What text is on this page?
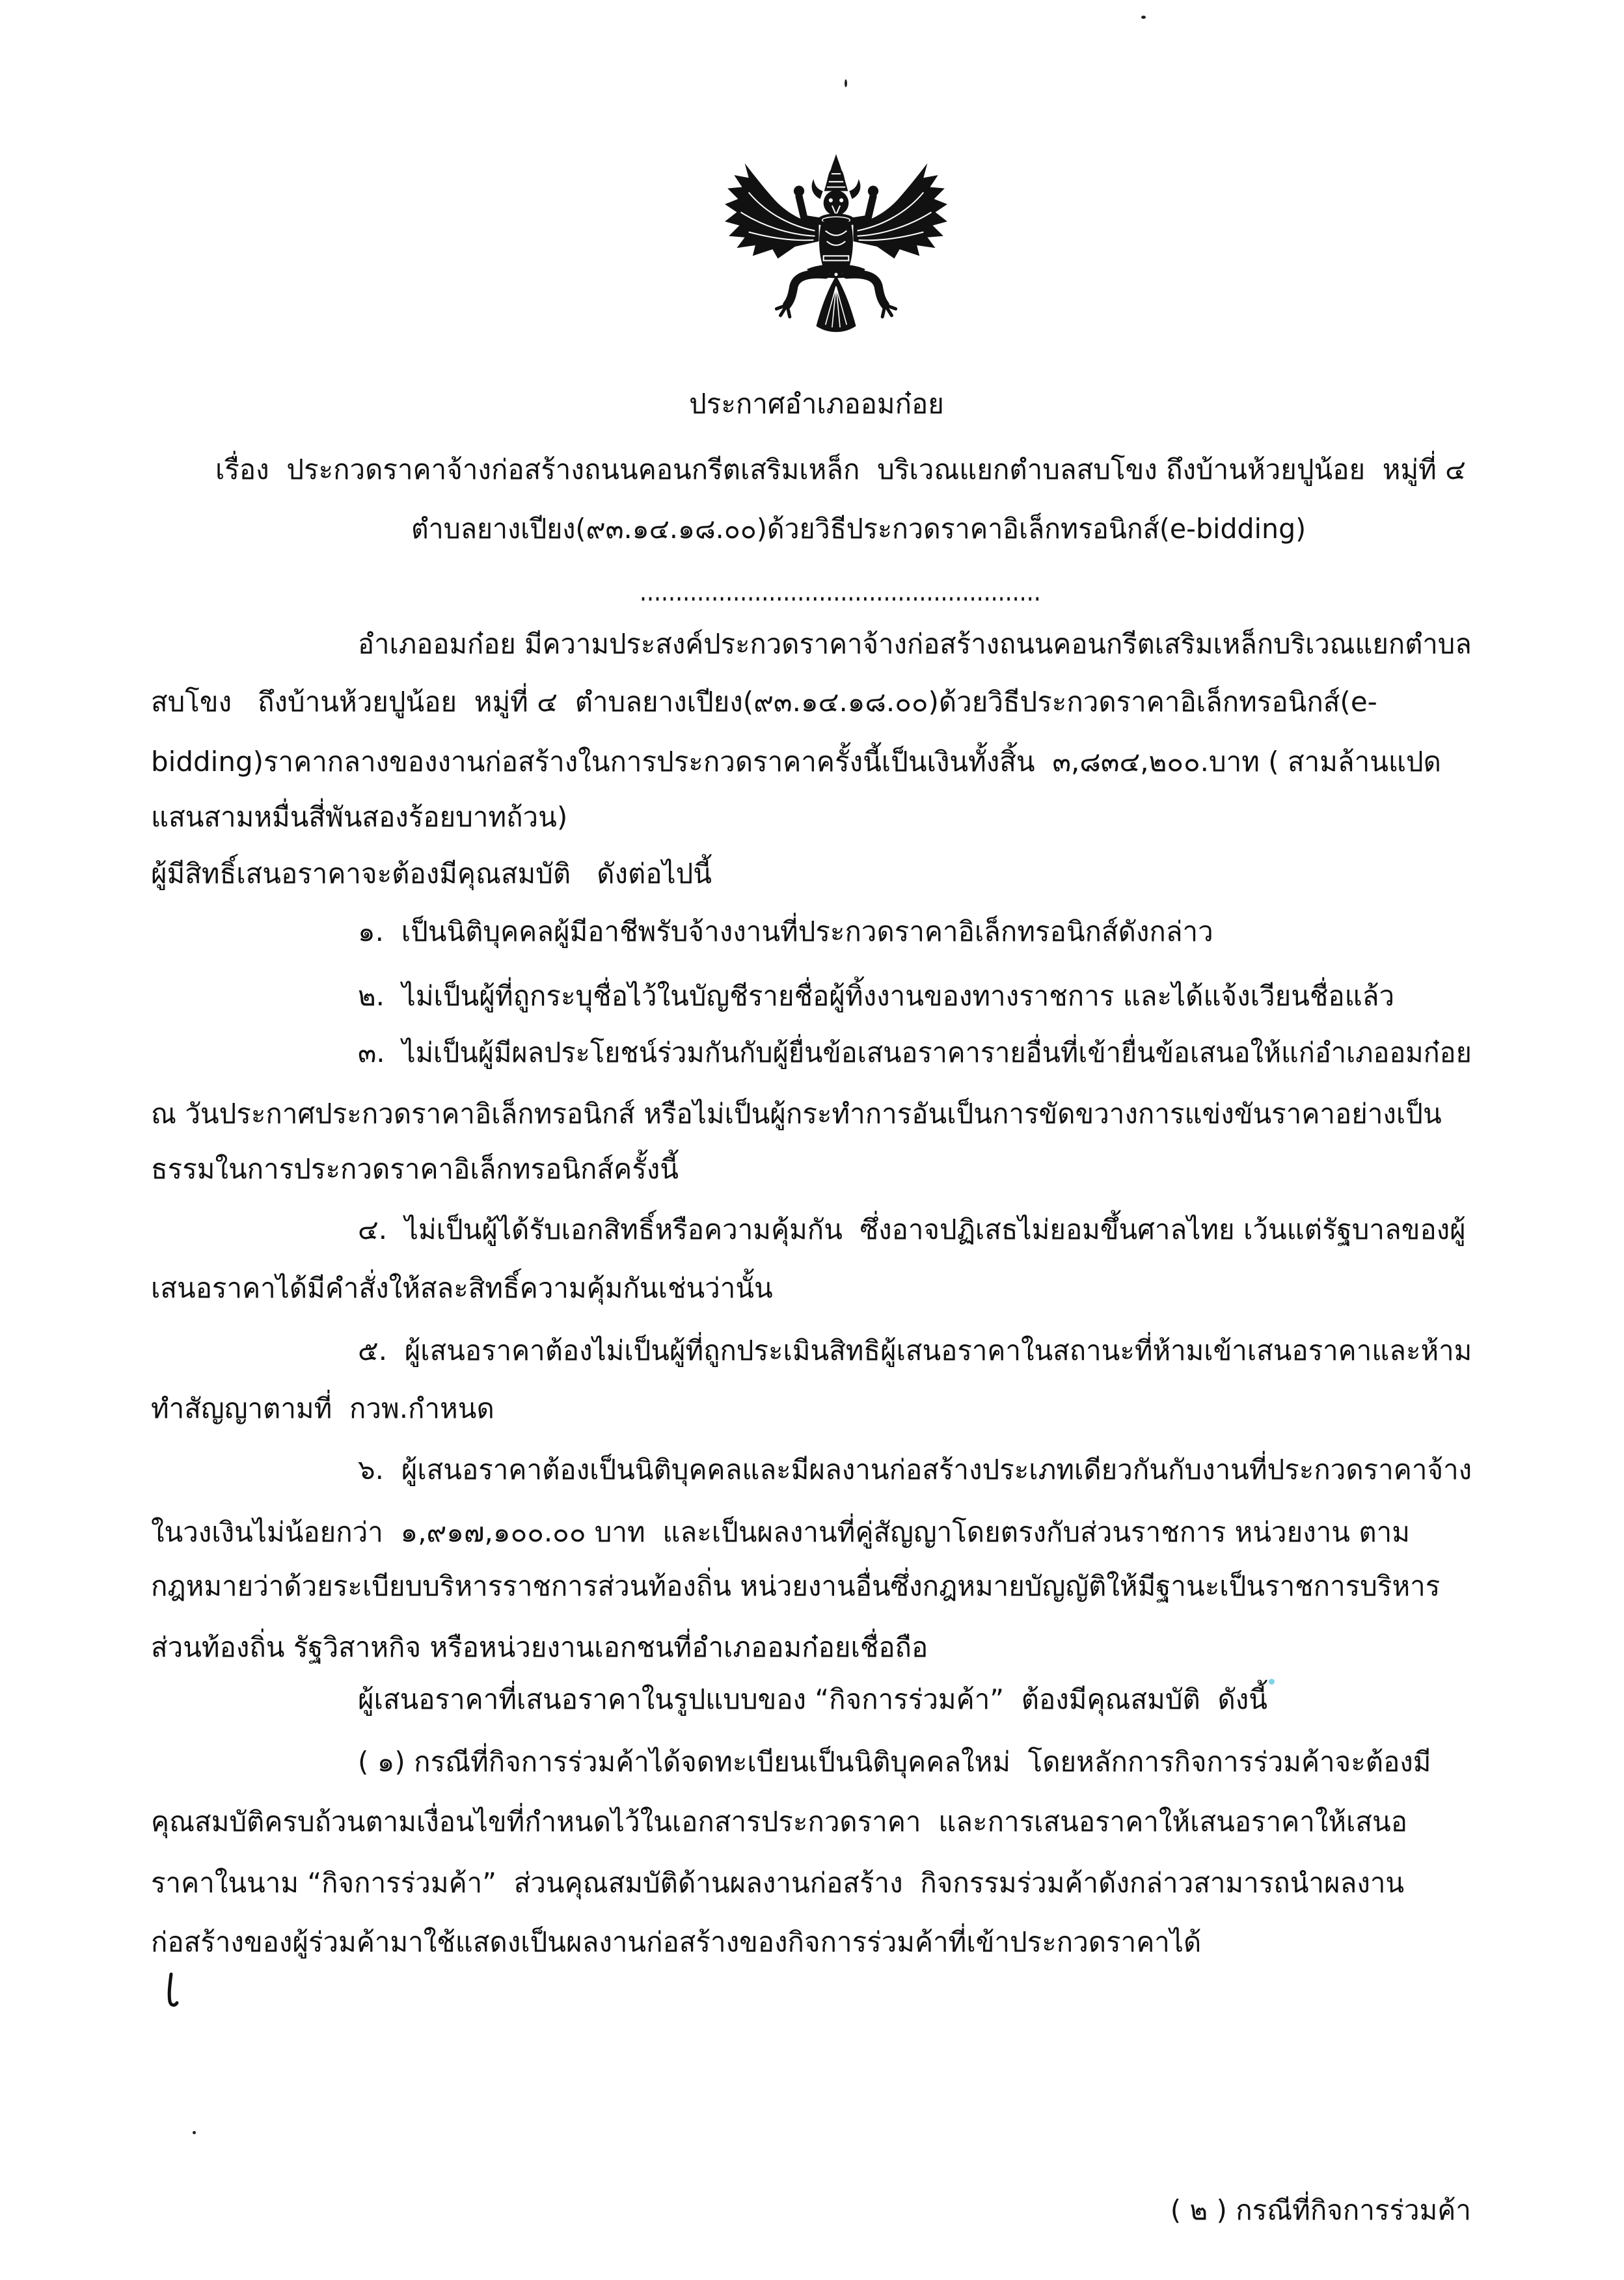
ประกาศอำเภออมก๋อย
เรื่อง  ประกวดราคาจ้างก่อสร้างถนนคอนกรีตเสริมเหล็ก  บริเวณแยกตำบลสบโขง ถึงบ้านห้วยปูน้อย  หมู่ที่ ๔
ตำบลยางเปียง(๙๓.๑๔.๑๘.๐๐)ด้วยวิธีประกวดราคาอิเล็กทรอนิกส์(e-bidding)
........................................................
อำเภออมก๋อย มีความประสงค์ประกวดราคาจ้างก่อสร้างถนนคอนกรีตเสริมเหล็กบริเวณแยกตำบล
สบโขง   ถึงบ้านห้วยปูน้อย  หมู่ที่ ๔  ตำบลยางเปียง(๙๓.๑๔.๑๘.๐๐)ด้วยวิธีประกวดราคาอิเล็กทรอนิกส์(e-
bidding)ราคากลางของงานก่อสร้างในการประกวดราคาครั้งนี้เป็นเงินทั้งสิ้น  ๓,๘๓๔,๒๐๐.บาท ( สามล้านแปด
แสนสามหมื่นสี่พันสองร้อยบาทถ้วน)
ผู้มีสิทธิ์เสนอราคาจะต้องมีคุณสมบัติ   ดังต่อไปนี้
๑.  เป็นนิติบุคคลผู้มีอาชีพรับจ้างงานที่ประกวดราคาอิเล็กทรอนิกส์ดังกล่าว
๒.  ไม่เป็นผู้ที่ถูกระบุชื่อไว้ในบัญชีรายชื่อผู้ทิ้งงานของทางราชการ และได้แจ้งเวียนชื่อแล้ว
๓.  ไม่เป็นผู้มีผลประโยชน์ร่วมกันกับผู้ยื่นข้อเสนอราคารายอื่นที่เข้ายื่นข้อเสนอให้แก่อำเภออมก๋อย
ณ วันประกาศประกวดราคาอิเล็กทรอนิกส์ หรือไม่เป็นผู้กระทำการอันเป็นการขัดขวางการแข่งขันราคาอย่างเป็น
ธรรมในการประกวดราคาอิเล็กทรอนิกส์ครั้งนี้
๔.  ไม่เป็นผู้ได้รับเอกสิทธิ์หรือความคุ้มกัน  ซึ่งอาจปฏิเสธไม่ยอมขึ้นศาลไทย เว้นแต่รัฐบาลของผู้
เสนอราคาได้มีคำสั่งให้สละสิทธิ์ความคุ้มกันเช่นว่านั้น
๕.  ผู้เสนอราคาต้องไม่เป็นผู้ที่ถูกประเมินสิทธิผู้เสนอราคาในสถานะที่ห้ามเข้าเสนอราคาและห้าม
ทำสัญญาตามที่  กวพ.กำหนด
๖.  ผู้เสนอราคาต้องเป็นนิติบุคคลและมีผลงานก่อสร้างประเภทเดียวกันกับงานที่ประกวดราคาจ้าง
ในวงเงินไม่น้อยกว่า  ๑,๙๑๗,๑๐๐.๐๐ บาท  และเป็นผลงานที่คู่สัญญาโดยตรงกับส่วนราชการ หน่วยงาน ตาม
กฎหมายว่าด้วยระเบียบบริหารราชการส่วนท้องถิ่น หน่วยงานอื่นซึ่งกฎหมายบัญญัติให้มีฐานะเป็นราชการบริหาร
ส่วนท้องถิ่น รัฐวิสาหกิจ หรือหน่วยงานเอกชนที่อำเภออมก๋อยเชื่อถือ
ผู้เสนอราคาที่เสนอราคาในรูปแบบของ “กิจการร่วมค้า”  ต้องมีคุณสมบัติ  ดังนี้
( ๑) กรณีที่กิจการร่วมค้าได้จดทะเบียนเป็นนิติบุคคลใหม่  โดยหลักการกิจการร่วมค้าจะต้องมี
คุณสมบัติครบถ้วนตามเงื่อนไขที่กำหนดไว้ในเอกสารประกวดราคา  และการเสนอราคาให้เสนอราคาให้เสนอ
ราคาในนาม “กิจการร่วมค้า”  ส่วนคุณสมบัติด้านผลงานก่อสร้าง  กิจกรรมร่วมค้าดังกล่าวสามารถนำผลงาน
ก่อสร้างของผู้ร่วมค้ามาใช้แสดงเป็นผลงานก่อสร้างของกิจการร่วมค้าที่เข้าประกวดราคาได้
( ๒ ) กรณีที่กิจการร่วมค้า
